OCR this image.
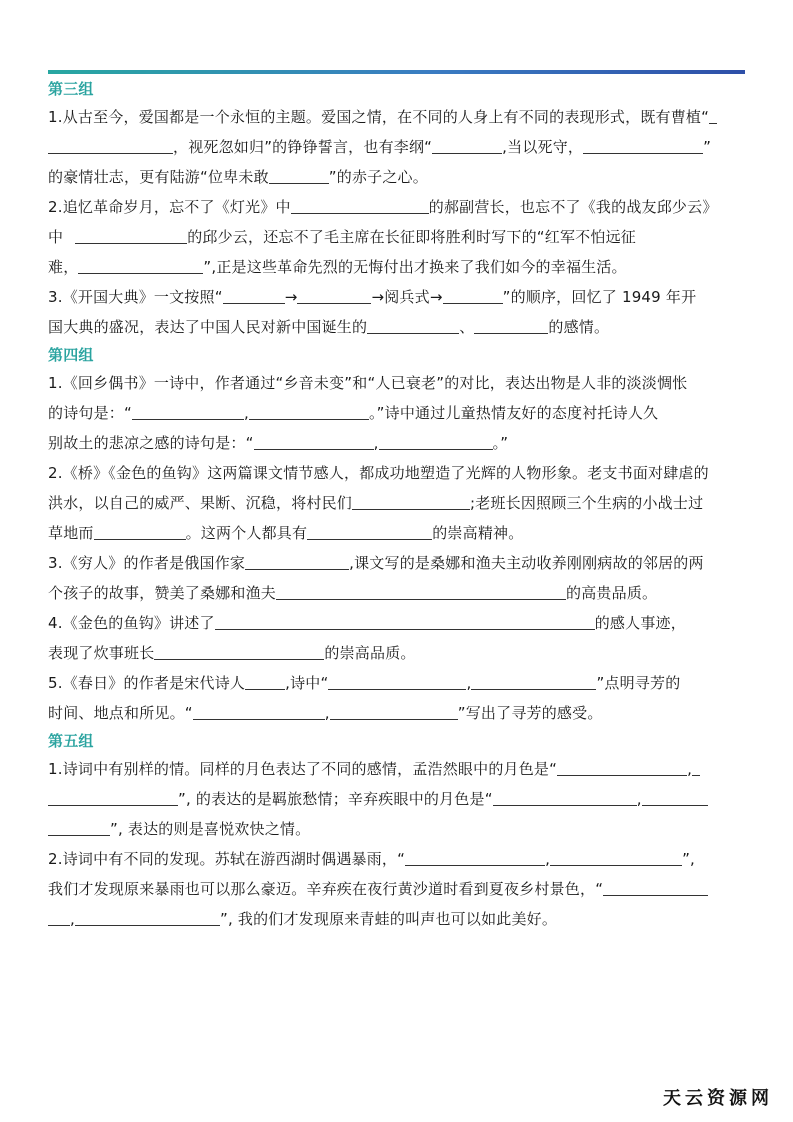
第三组
1.从古至今，爱国都是一个永恒的主题。爱国之情，在不同的人身上有不同的表现形式，既有曹植“
，视死忽如归”的铮铮誓言，也有李纲“	,当以死守，	”
的豪情壮志，更有陆游“位卑未敢	”的赤子之心。
2.追忆革命岁月，忘不了《灯光》中	的郝副营长，也忘不了《我的战友邱少云》
中	的邱少云，还忘不了毛主席在长征即将胜利时写下的“红军不怕远征
难，	”,正是这些革命先烈的无悔付出才换来了我们如今的幸福生活。
3.《开国大典》一文按照“	→	→阅兵式→	”的顺序，回忆了 1949 年开
国大典的盛况，表达了中国人民对新中国诞生的	、	的感情。
第四组
1.《回乡偶书》一诗中，作者通过“乡音未变”和“人已衰老”的对比，表达出物是人非的淡淡惆怅
的诗句是：“	,	。”诗中通过儿童热情友好的态度衬托诗人久
别故土的悲凉之感的诗句是：“	,	。”
2.《桥》《金色的鱼钩》这两篇课文情节感人，都成功地塑造了光辉的人物形象。老支书面对肆虐的
洪水，以自己的威严、果断、沉稳，将村民们	;老班长因照顾三个生病的小战士过
草地而	。这两个人都具有	的崇高精神。
3.《穷人》的作者是俄国作家	,课文写的是桑娜和渔夫主动收养刚刚病故的邻居的两
个孩子的故事，赞美了桑娜和渔夫	的高贵品质。
4.《金色的鱼钩》讲述了	的感人事迹，
表现了炊事班长	的崇高品质。
5.《春日》的作者是宋代诗人	,诗中“	,	”点明寻芳的
时间、地点和所见。“	,	”写出了寻芳的感受。
第五组
1.诗词中有别样的情。同样的月色表达了不同的感情，孟浩然眼中的月色是“	,
”, 的表达的是羁旅愁情；辛弃疾眼中的月色是“	,
”, 表达的则是喜悦欢快之情。
2.诗词中有不同的发现。苏轼在游西湖时偶遇暴雨，“	,	”,
我们才发现原来暴雨也可以那么豪迈。辛弃疾在夜行黄沙道时看到夏夜乡村景色，“
,	”, 我的们才发现原来青蛙的叫声也可以如此美好。
天云资源网
